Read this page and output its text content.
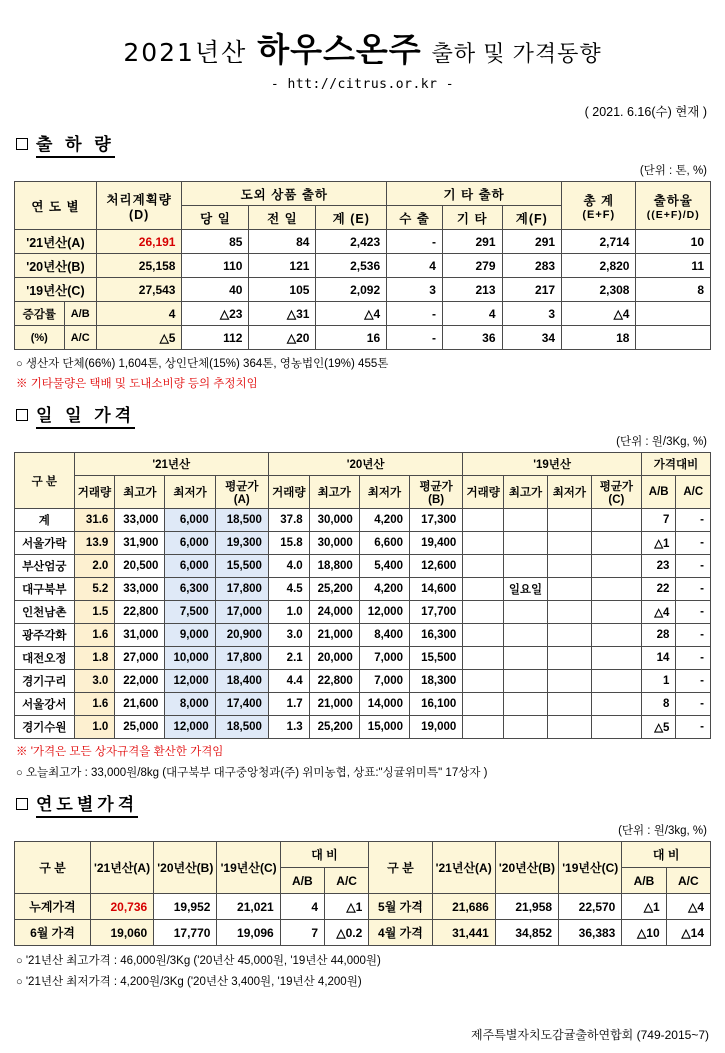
2021년산 하우스온주 출하 및 가격동향
- htt://citrus.or.kr -
( 2021. 6.16(수) 현재 )
출 하 량
(단위 : 톤, %)
연 도 별	처리계획량
(D)
	도외 상품 출하	기 타 출하	총 계
(E+F)

출하율
((E+F)/D)

		당 일	전 일	계 (E)	수 출	기 타	계(F)		
'21년산(A)	26,191	85	84	2,423	-	291	291	2,714	10
'20년산(B)	25,158	110	121	2,536	4	279	283	2,820	11
'19년산(C)	27,543	40	105	2,092	3	213	217	2,308	8

증감률 A/B	4	△23	△31	△4	-	4	3	△4	

(%) A/C	△5	112	△20	16	-	36	34	18	
○ 생산자 단체(66%) 1,604톤, 상인단체(15%) 364톤, 영농법인(19%) 455톤
※ 기타물량은 택배 및 도내소비량 등의 추정치임
일 일 가격
(단위 : 원/3Kg, %)
구 분	'21년산				'20년산				'19년산				가격대비	
	거래량	최고가	최저가	평균가(A)	거래량	최고가	최저가	평균가(B)	거래량	최고가	최저가	평균가(C)	A/B	A/C
계	31.6	33,000	6,000	18,500	37.8	30,000	4,200	17,300					7	-
서울가락	13.9	31,900	6,000	19,300	15.8	30,000	6,600	19,400					△1	-
부산엄궁	2.0	20,500	6,000	15,500	4.0	18,800	5,400	12,600					23	-
대구북부	5.2	33,000	6,300	17,800	4.5	25,200	4,200	14,600		일요일			22	-
인천남촌	1.5	22,800	7,500	17,000	1.0	24,000	12,000	17,700					△4	-
광주각화	1.6	31,000	9,000	20,900	3.0	21,000	8,400	16,300					28	-
대전오정	1.8	27,000	10,000	17,800	2.1	20,000	7,000	15,500					14	-
경기구리	3.0	22,000	12,000	18,400	4.4	22,800	7,000	18,300					1	-
서울강서	1.6	21,600	8,000	17,400	1.7	21,000	14,000	16,100					8	-
경기수원	1.0	25,000	12,000	18,500	1.3	25,200	15,000	19,000					△5	-
※ '가격은 모든 상자규격을 환산한 가격임
○ 오늘최고가 : 33,000원/8kg (대구북부 대구중앙청과(주) 위미농협, 상표:"싱귤위미특" 17상자 )
연도별가격
(단위 : 원/3kg, %)
구 분	'21년산(A)	'20년산(B)	'19년산(C)	대 비		구 분	'21년산(A)	'20년산(B)	'19년산(C)	대 비	
				A/B	A/C					A/B	A/C
누계가격	20,736	19,952	21,021	4	△1	5월 가격	21,686	21,958	22,570	△1	△4
6월 가격	19,060	17,770	19,096	7	△0.2	4월 가격	31,441	34,852	36,383	△10	△14
○ '21년산 최고가격 : 46,000원/3Kg ('20년산 45,000원, '19년산 44,000원)
○ '21년산 최저가격 : 4,200원/3Kg ('20년산 3,400원, '19년산 4,200원)
제주특별자치도감귤출하연합회 (749-2015~7)
